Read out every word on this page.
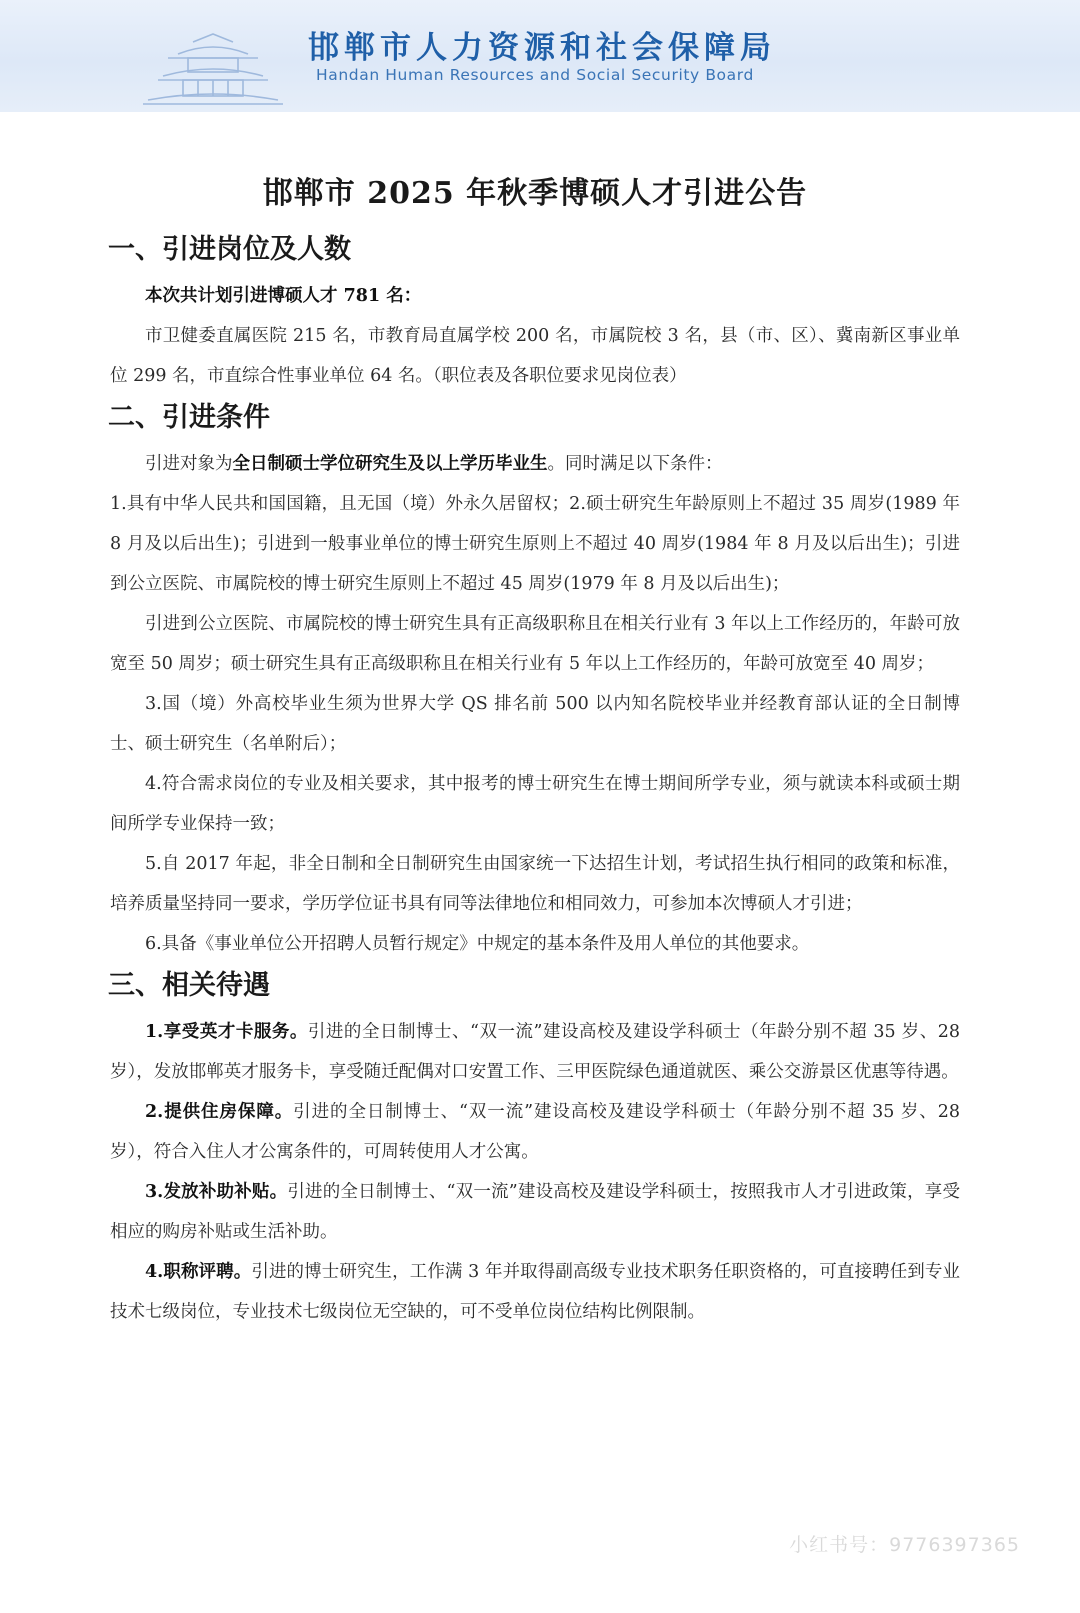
邯郸市人力资源和社会保障局
Handan Human Resources and Social Security Board
邯郸市 2025 年秋季博硕人才引进公告
一、引进岗位及人数

本次共计划引进博硕人才 781 名：

市卫健委直属医院 215 名，市教育局直属学校 200 名，市属院校 3 名，县（市、区）、冀南新区事业单位 299 名，市直综合性事业单位 64 名。（职位表及各职位要求见岗位表）

二、引进条件

引进对象为全日制硕士学位研究生及以上学历毕业生。同时满足以下条件：

1.具有中华人民共和国国籍，且无国（境）外永久居留权；2.硕士研究生年龄原则上不超过 35 周岁(1989 年 8 月及以后出生)；引进到一般事业单位的博士研究生原则上不超过 40 周岁(1984 年 8 月及以后出生)；引进到公立医院、市属院校的博士研究生原则上不超过 45 周岁(1979 年 8 月及以后出生)；

引进到公立医院、市属院校的博士研究生具有正高级职称且在相关行业有 3 年以上工作经历的，年龄可放宽至 50 周岁；硕士研究生具有正高级职称且在相关行业有 5 年以上工作经历的，年龄可放宽至 40 周岁；

3.国（境）外高校毕业生须为世界大学 QS 排名前 500 以内知名院校毕业并经教育部认证的全日制博士、硕士研究生（名单附后）；

4.符合需求岗位的专业及相关要求，其中报考的博士研究生在博士期间所学专业，须与就读本科或硕士期间所学专业保持一致；

5.自 2017 年起，非全日制和全日制研究生由国家统一下达招生计划，考试招生执行相同的政策和标准，培养质量坚持同一要求，学历学位证书具有同等法律地位和相同效力，可参加本次博硕人才引进；

6.具备《事业单位公开招聘人员暂行规定》中规定的基本条件及用人单位的其他要求。

三、相关待遇

1.享受英才卡服务。引进的全日制博士、“双一流”建设高校及建设学科硕士（年龄分别不超 35 岁、28 岁），发放邯郸英才服务卡，享受随迁配偶对口安置工作、三甲医院绿色通道就医、乘公交游景区优惠等待遇。

2.提供住房保障。引进的全日制博士、“双一流”建设高校及建设学科硕士（年龄分别不超 35 岁、28 岁），符合入住人才公寓条件的，可周转使用人才公寓。

3.发放补助补贴。引进的全日制博士、“双一流”建设高校及建设学科硕士，按照我市人才引进政策，享受相应的购房补贴或生活补助。

4.职称评聘。引进的博士研究生，工作满 3 年并取得副高级专业技术职务任职资格的，可直接聘任到专业技术七级岗位，专业技术七级岗位无空缺的，可不受单位岗位结构比例限制。

小红书号：9776397365
